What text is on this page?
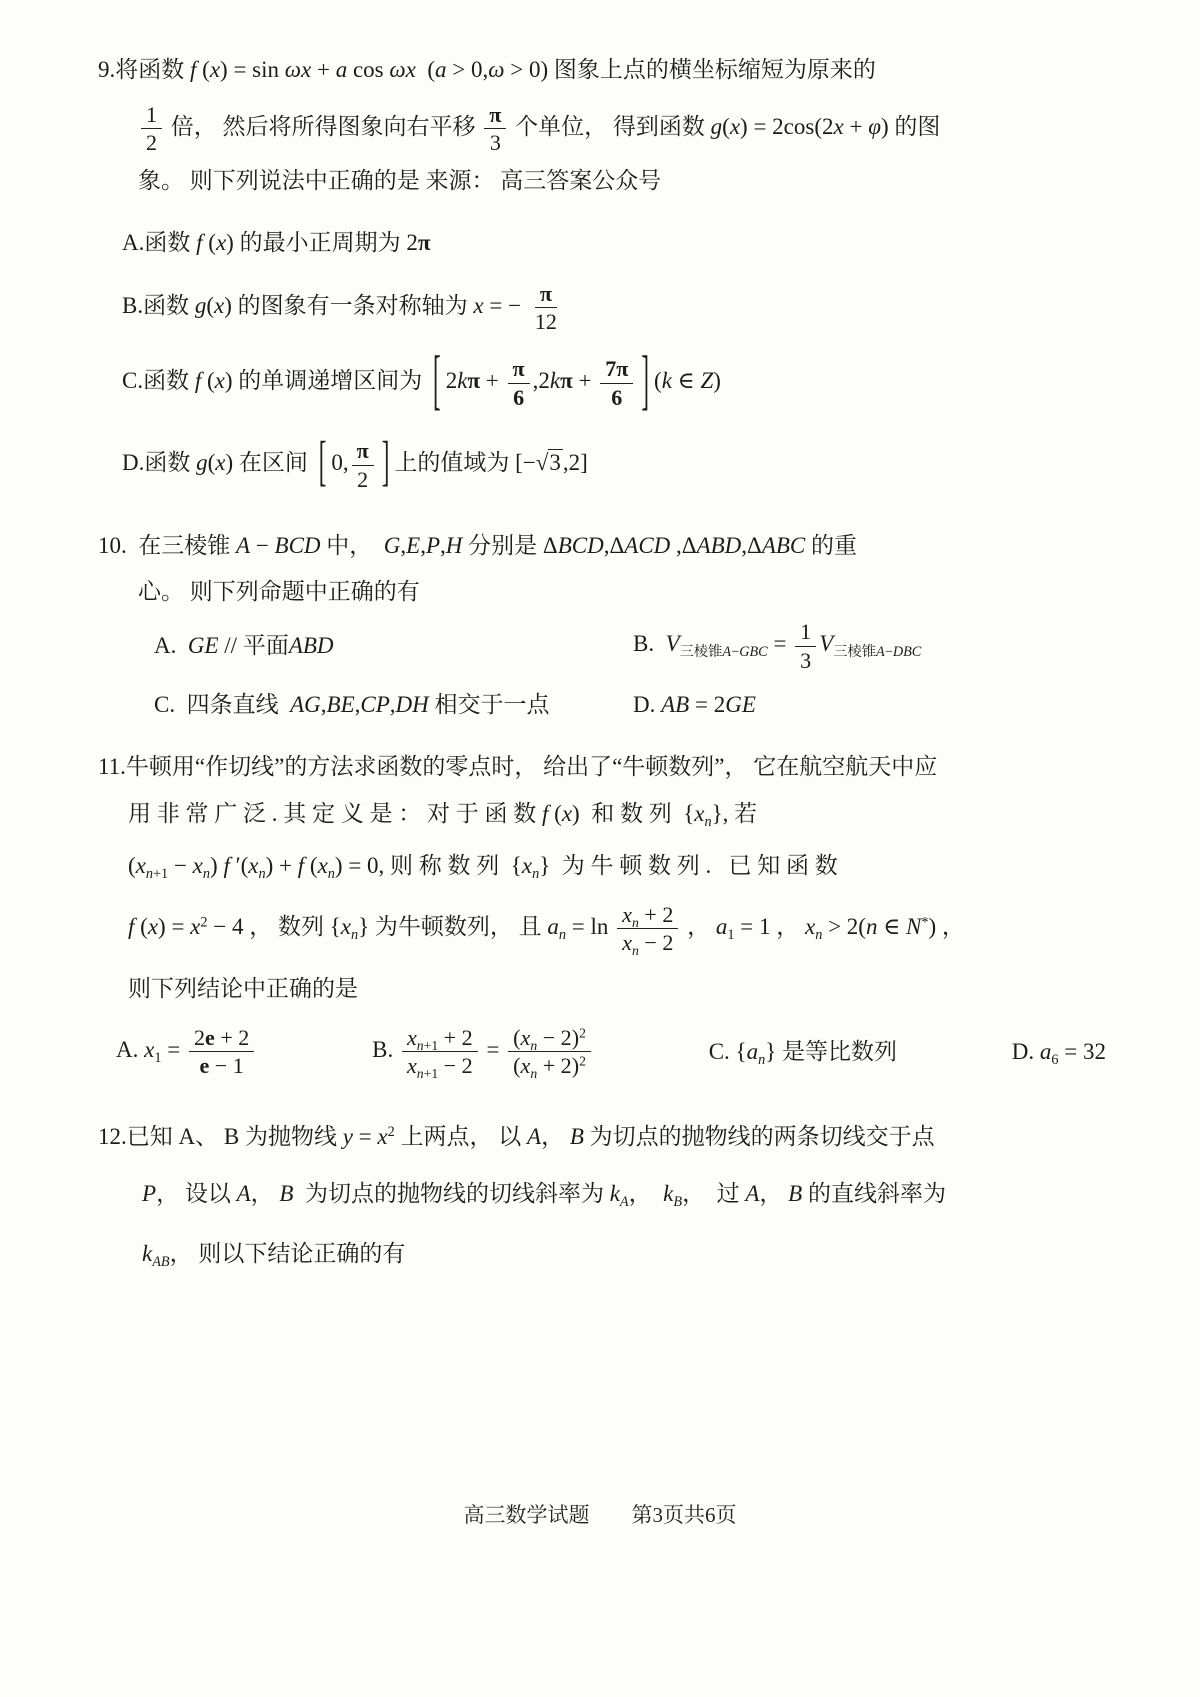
9.将函数 f (x) = sin ωx + a cos ωx (a > 0,ω > 0) 图象上点的横坐标缩短为原来的

$\frac{1}{2}$ 倍， 然后将所得图象向右平移 $\frac{\pi}{3}$ 个单位， 得到函数 g(x) = 2cos(2x + φ) 的图

象。 则下列说法中正确的是 来源： 高三答案公众号

A.函数 f (x) 的最小正周期为 2π

B.函数 g(x) 的图象有一条对称轴为 x = − $\frac{\pi}{12}$

C.函数 f (x) 的单调递增区间为 [ $2k\pi + \frac{\pi}{6} ,2k\pi + \frac{7\pi}{6}$ ] (k ∈ Z)

D.函数 g(x) 在区间 [ 0, $\frac{\pi}{2}$ ] 上的值域为 [−√3,2]

10. 在三棱锥 A − BCD 中， G,E,P,H 分别是 ΔBCD,ΔACD ,ΔABD,ΔABC 的重

心。 则下列命题中正确的有

A. GE // 平面ABD	B. $V_{三棱锥A-GBC} = \frac{1}{3} V_{三棱锥A-DBC}$

C. 四条直线 AG,BE,CP,DH 相交于一点	D. AB = 2GE

11.牛顿用“作切线”的方法求函数的零点时， 给出了“牛顿数列”， 它在航空航天中应

用 非 常 广 泛 . 其 定 义 是 ： 对 于 函 数 f (x) 和 数 列 $\{x_n\}$, 若

$(x_{n+1} - x_n)$ f $'(x_n) + f$ $(x_n) = 0$, 则 称 数 列 $\{x_n\}$ 为 牛 顿 数 列 .  已 知 函 数

f $(x) = x^2 - 4$ ， 数列 $\{x_n\}$ 为牛顿数列， 且 $a_n = \ln \frac{x_n + 2}{x_n - 2}$ ， $a_1 = 1$ ， $x_n > 2(n$ ∈ N*) ，

则下列结论中正确的是

A. $x_1 = \frac{2e + 2}{e - 1}$	B. $\frac{x_{n+1} + 2}{x_{n+1} - 2} = \frac{(x_n - 2)^2}{(x_n + 2)^2}$	C. $\{a_n\}$ 是等比数列	D. $a_6 = 32$

12.已知 A、 B 为抛物线 $y = x^2$ 上两点， 以 A， B 为切点的抛物线的两条切线交于点

P， 设以 A， B 为切点的抛物线的切线斜率为 $k_A$， $k_B$， 过 A， B 的直线斜率为

$k_{AB}$， 则以下结论正确的有

高三数学试题　　第3页共6页
